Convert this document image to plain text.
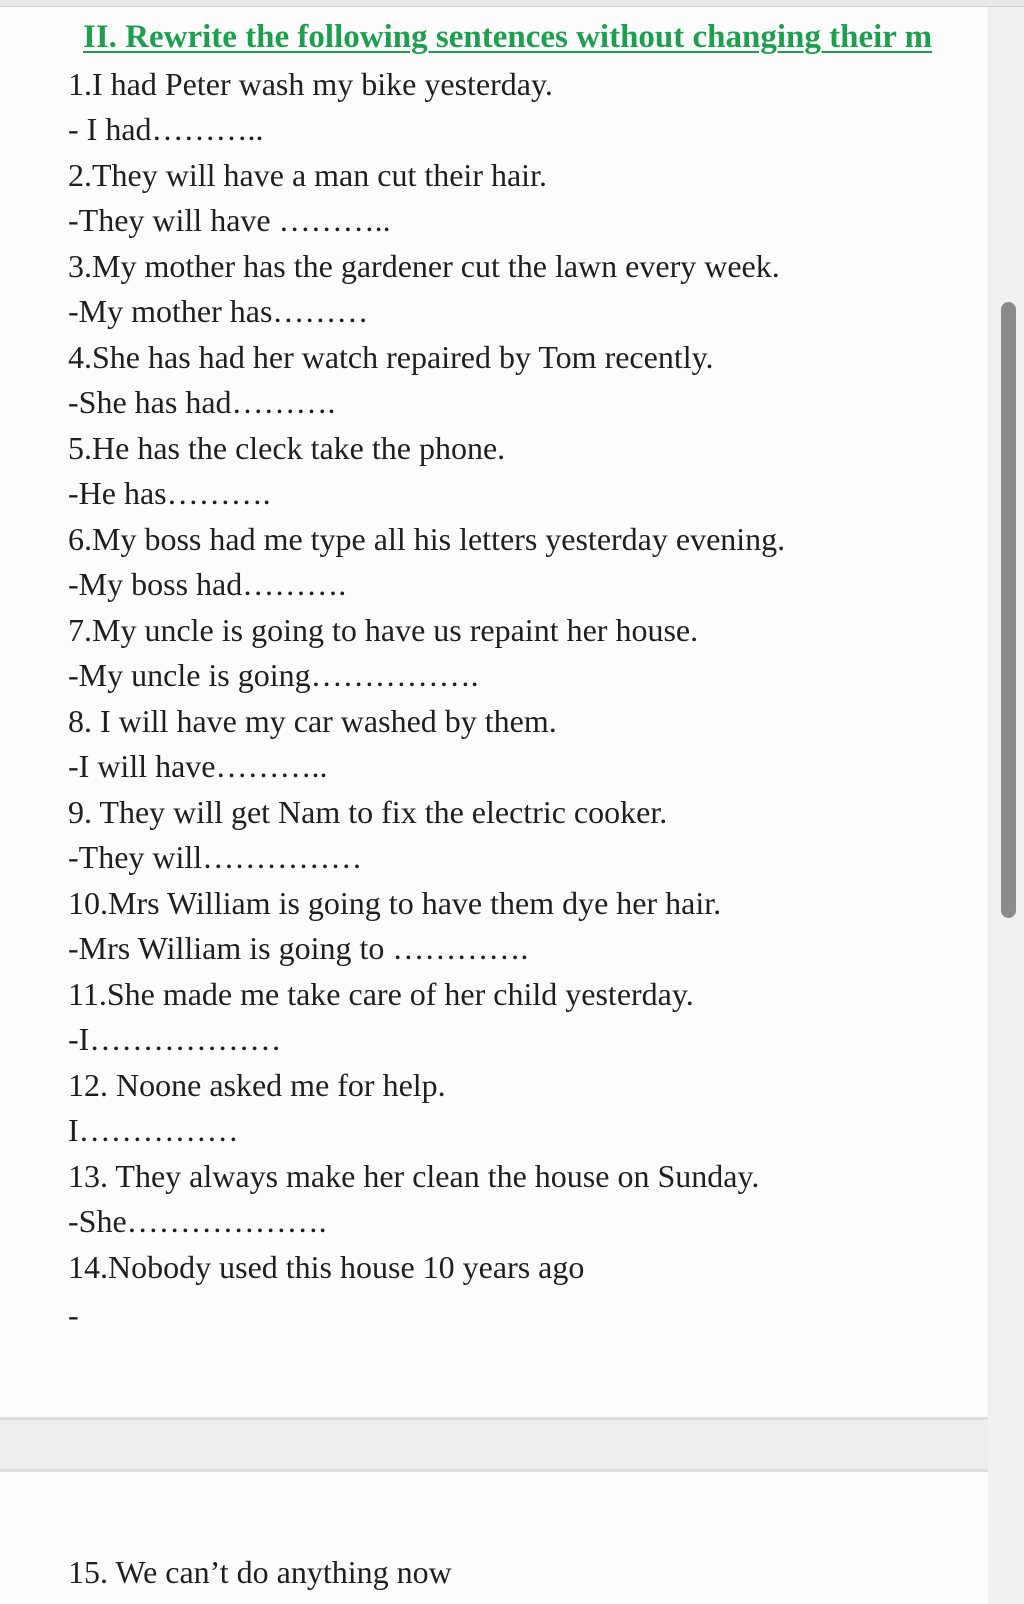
II. Rewrite the following sentences without changing their m
1.I had Peter wash my bike yesterday.
- I had………..
2.They will have a man cut their hair.
-They will have ………..
3.My mother has the gardener cut the lawn every week.
-My mother has………
4.She has had her watch repaired by Tom recently.
-She has had……….
5.He has the cleck take the phone.
-He has……….
6.My boss had me type all his letters yesterday evening.
-My boss had……….
7.My uncle is going to have us repaint her house.
-My uncle is going…………….
8. I will have my car washed by them.
-I will have………..
9. They will get Nam to fix the electric cooker.
-They will……………
10.Mrs William is going to have them dye her hair.
-Mrs William is going to ………….
11.She made me take care of her child yesterday.
-I………………
12. Noone asked me for help.
I……………
13. They always make her clean the house on Sunday.
-She……………….
14.Nobody used this house 10 years ago
-
15. We can’t do anything now
